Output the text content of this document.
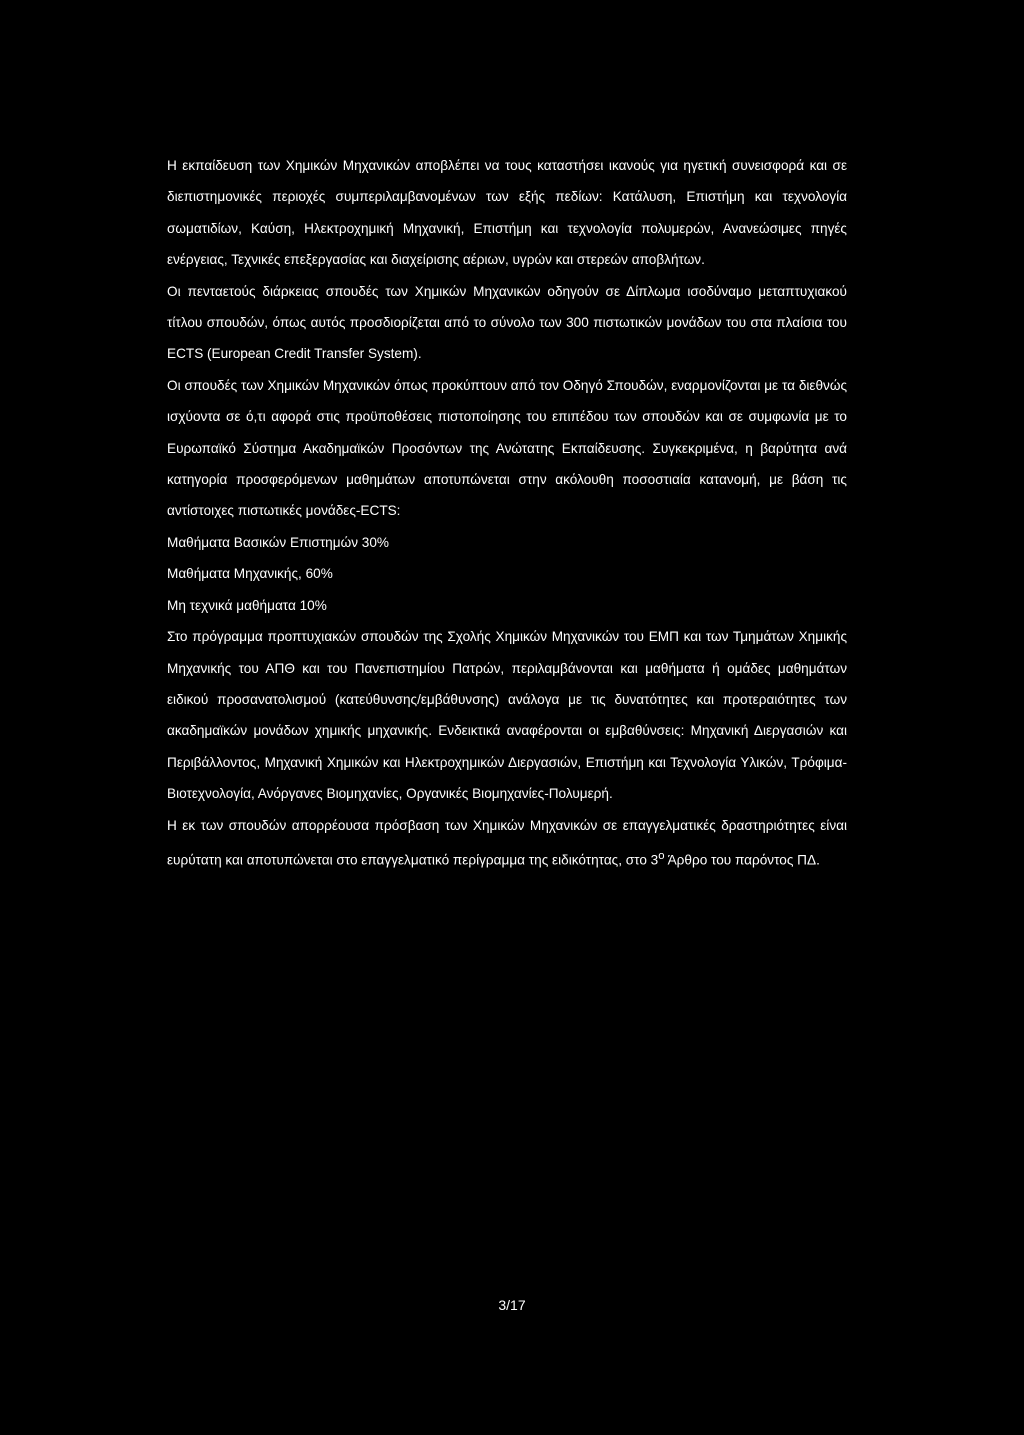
Η εκπαίδευση των Χημικών Μηχανικών αποβλέπει να τους καταστήσει ικανούς για ηγετική συνεισφορά και σε διεπιστημονικές περιοχές συμπεριλαμβανομένων των εξής πεδίων: Κατάλυση, Επιστήμη και τεχνολογία σωματιδίων, Καύση, Ηλεκτροχημική Μηχανική, Επιστήμη και τεχνολογία πολυμερών, Ανανεώσιμες πηγές ενέργειας, Τεχνικές επεξεργασίας και διαχείρισης αέριων, υγρών και στερεών αποβλήτων.

Οι πενταετούς διάρκειας σπουδές των Χημικών Μηχανικών οδηγούν σε Δίπλωμα ισοδύναμο μεταπτυχιακού τίτλου σπουδών, όπως αυτός προσδιορίζεται από το σύνολο των 300 πιστωτικών μονάδων του στα πλαίσια του ECTS (European Credit Transfer System).

Οι σπουδές των Χημικών Μηχανικών όπως προκύπτουν από τον Οδηγό Σπουδών, εναρμονίζονται με τα διεθνώς ισχύοντα σε ό,τι αφορά στις προϋποθέσεις πιστοποίησης του επιπέδου των σπουδών και σε συμφωνία με το Ευρωπαϊκό Σύστημα Ακαδημαϊκών Προσόντων της Ανώτατης Εκπαίδευσης. Συγκεκριμένα, η βαρύτητα ανά κατηγορία προσφερόμενων μαθημάτων αποτυπώνεται στην ακόλουθη ποσοστιαία κατανομή, με βάση τις αντίστοιχες πιστωτικές μονάδες-ECTS:

Μαθήματα Βασικών Επιστημών 30%

Μαθήματα Μηχανικής, 60%

Μη τεχνικά μαθήματα 10%

Στο πρόγραμμα προπτυχιακών σπουδών της Σχολής Χημικών Μηχανικών του ΕΜΠ και των Τμημάτων Χημικής Μηχανικής του ΑΠΘ και του Πανεπιστημίου Πατρών, περιλαμβάνονται και μαθήματα ή ομάδες μαθημάτων ειδικού προσανατολισμού (κατεύθυνσης/εμβάθυνσης) ανάλογα με τις δυνατότητες και προτεραιότητες των ακαδημαϊκών μονάδων χημικής μηχανικής. Ενδεικτικά αναφέρονται οι εμβαθύνσεις: Μηχανική Διεργασιών και Περιβάλλοντος, Μηχανική Χημικών και Ηλεκτροχημικών Διεργασιών, Επιστήμη και Τεχνολογία Υλικών, Τρόφιμα-Βιοτεχνολογία, Ανόργανες Βιομηχανίες, Οργανικές Βιομηχανίες-Πολυμερή.

Η εκ των σπουδών απορρέουσα πρόσβαση των Χημικών Μηχανικών σε επαγγελματικές δραστηριότητες είναι ευρύτατη και αποτυπώνεται στο επαγγελματικό περίγραμμα της ειδικότητας, στο $3^o$ Άρθρο του παρόντος ΠΔ.

3/17
